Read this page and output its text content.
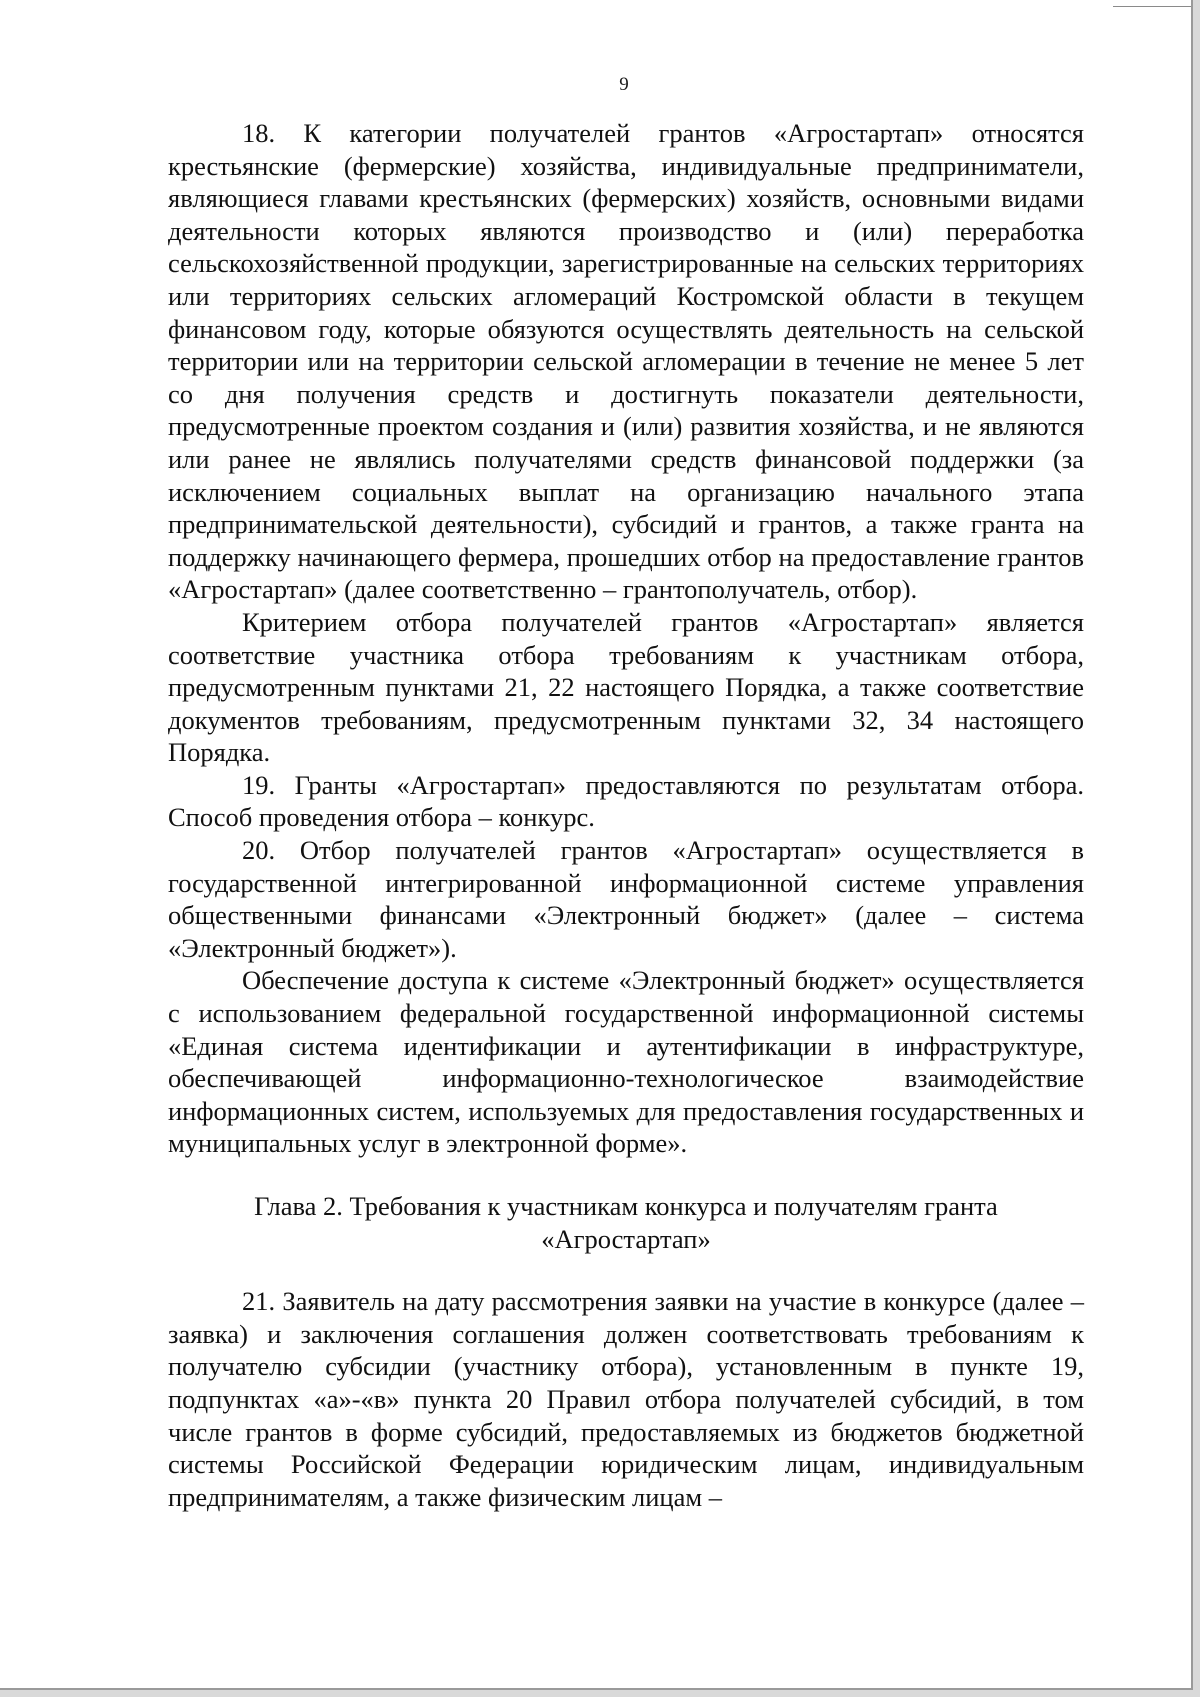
9

18. К категории получателей грантов «Агростартап» относятся крестьянские (фермерские) хозяйства, индивидуальные предприниматели, являющиеся главами крестьянских (фермерских) хозяйств, основными видами деятельности которых являются производство и (или) переработка сельскохозяйственной продукции, зарегистрированные на сельских территориях или территориях сельских агломераций Костромской области в текущем финансовом году, которые обязуются осуществлять деятельность на сельской территории или на территории сельской агломерации в течение не менее 5 лет со дня получения средств и достигнуть показатели деятельности, предусмотренные проектом создания и (или) развития хозяйства, и не являются или ранее не являлись получателями средств финансовой поддержки (за исключением социальных выплат на организацию начального этапа предпринимательской деятельности), субсидий и грантов, а также гранта на поддержку начинающего фермера, прошедших отбор на предоставление грантов «Агростартап» (далее соответственно – грантополучатель, отбор).

Критерием отбора получателей грантов «Агростартап» является соответствие участника отбора требованиям к участникам отбора, предусмотренным пунктами 21, 22 настоящего Порядка, а также соответствие документов требованиям, предусмотренным пунктами 32, 34 настоящего Порядка.

19. Гранты «Агростартап» предоставляются по результатам отбора. Способ проведения отбора – конкурс.

20. Отбор получателей грантов «Агростартап» осуществляется в государственной интегрированной информационной системе управления общественными финансами «Электронный бюджет» (далее – система «Электронный бюджет»).

Обеспечение доступа к системе «Электронный бюджет» осуществляется с использованием федеральной государственной информационной системы «Единая система идентификации и аутентификации в инфраструктуре, обеспечивающей информационно-технологическое взаимодействие информационных систем, используемых для предоставления государственных и муниципальных услуг в электронной форме».

Глава 2. Требования к участникам конкурса и получателям гранта
«Агростартап»

21. Заявитель на дату рассмотрения заявки на участие в конкурсе (далее – заявка) и заключения соглашения должен соответствовать требованиям к получателю субсидии (участнику отбора), установленным в пункте 19, подпунктах «а»-«в» пункта 20 Правил отбора получателей субсидий, в том числе грантов в форме субсидий, предоставляемых из бюджетов бюджетной системы Российской Федерации юридическим лицам, индивидуальным предпринимателям, а также физическим лицам –
